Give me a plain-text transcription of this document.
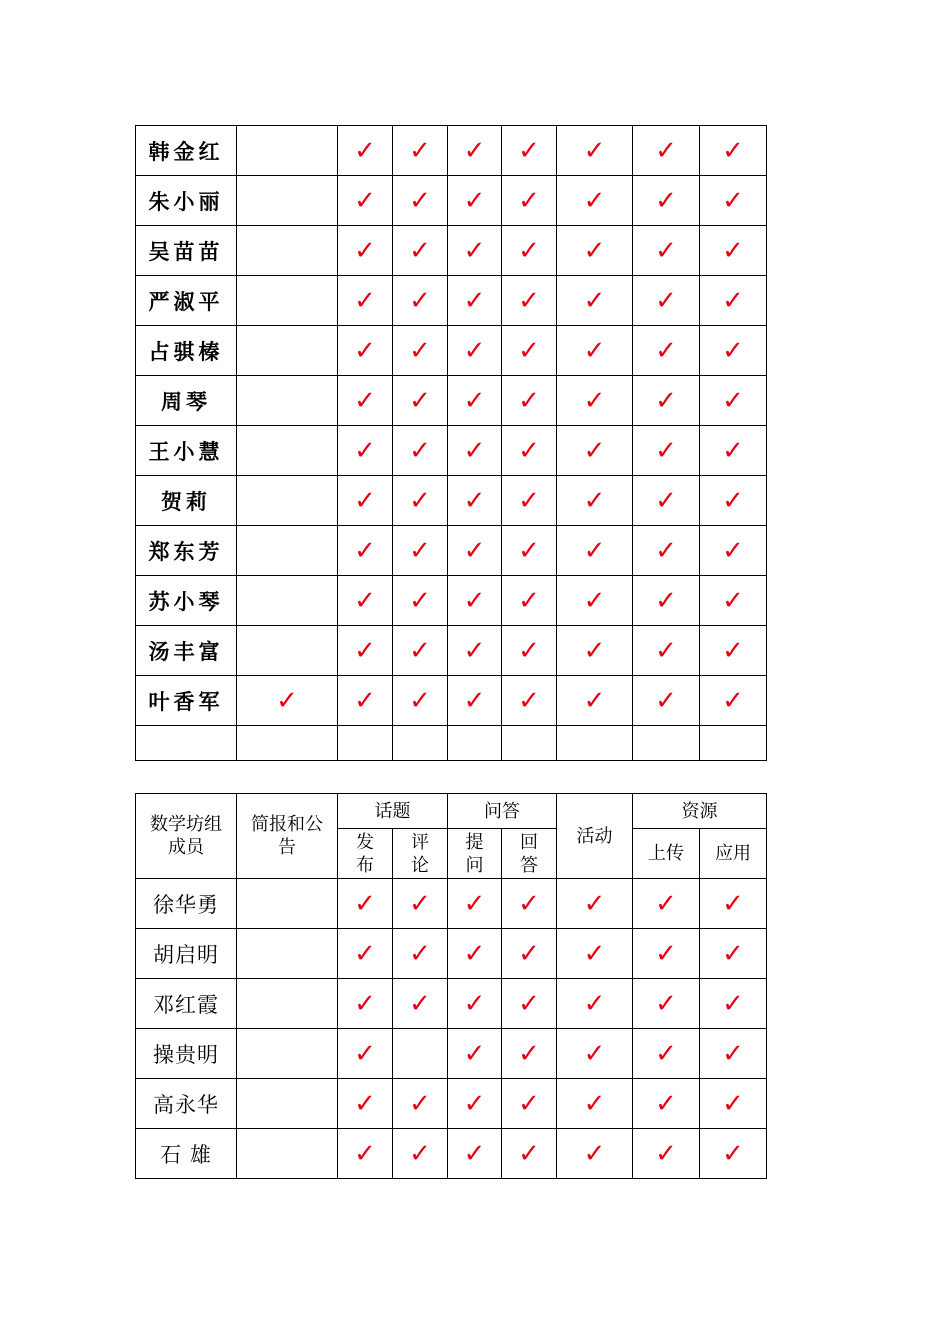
韩金红		✓	✓	✓	✓	✓	✓	✓
朱小丽		✓	✓	✓	✓	✓	✓	✓
吴苗苗		✓	✓	✓	✓	✓	✓	✓
严淑平		✓	✓	✓	✓	✓	✓	✓
占骐榛		✓	✓	✓	✓	✓	✓	✓
周琴		✓	✓	✓	✓	✓	✓	✓
王小慧		✓	✓	✓	✓	✓	✓	✓
贺莉		✓	✓	✓	✓	✓	✓	✓
郑东芳		✓	✓	✓	✓	✓	✓	✓
苏小琴		✓	✓	✓	✓	✓	✓	✓
汤丰富		✓	✓	✓	✓	✓	✓	✓
叶香军	✓	✓	✓	✓	✓	✓	✓	✓

数学坊组成员	简报和公告	话题		问答		活动	资源	
		发布	评论	提问	回答		上传	应用
徐华勇		✓	✓	✓	✓	✓	✓	✓
胡启明		✓	✓	✓	✓	✓	✓	✓
邓红霞		✓	✓	✓	✓	✓	✓	✓
操贵明		✓		✓	✓	✓	✓	✓
高永华		✓	✓	✓	✓	✓	✓	✓
石 雄		✓	✓	✓	✓	✓	✓	✓
